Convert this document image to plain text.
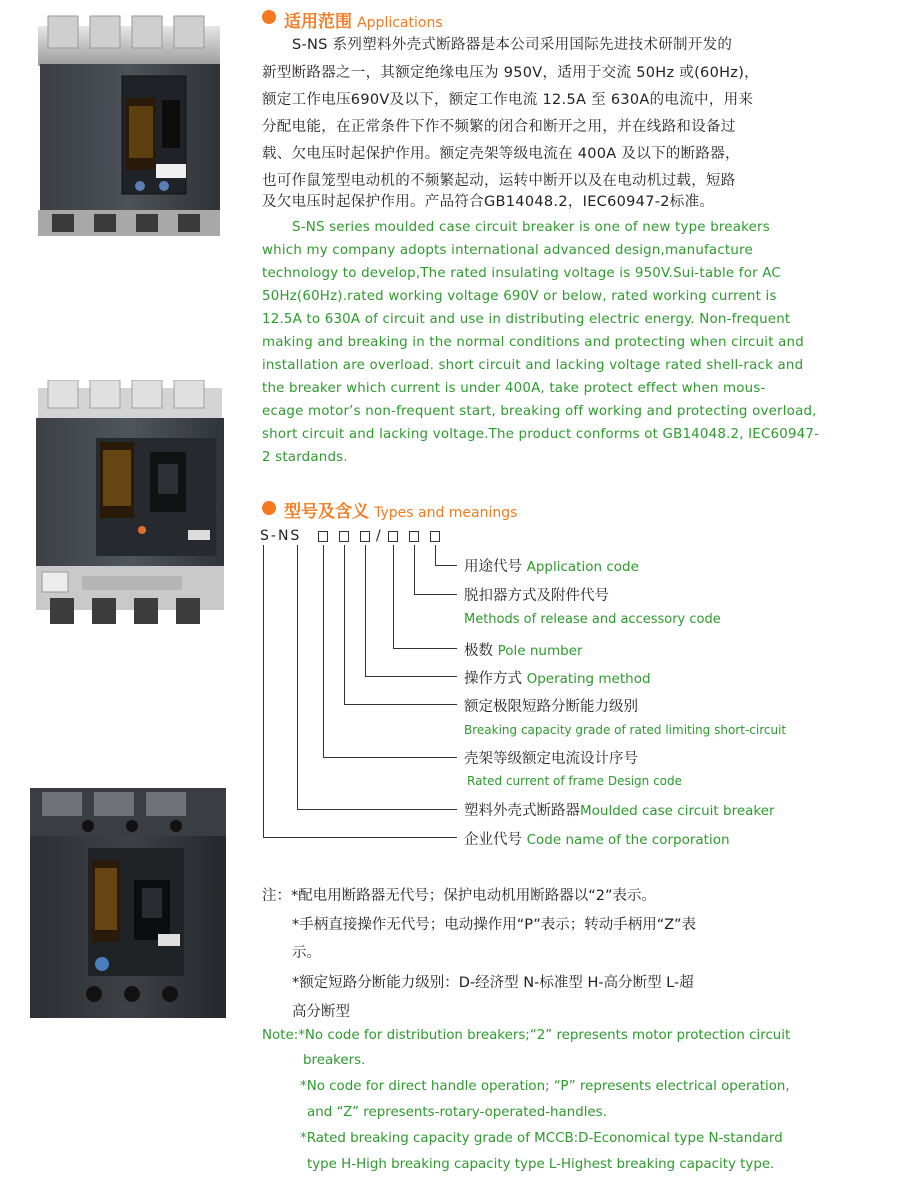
适用范围 Applications
S-NS 系列塑料外壳式断路器是本公司采用国际先进技术研制开发的
新型断路器之一，其额定绝缘电压为 950V，适用于交流 50Hz 或(60Hz)，
额定工作电压690V及以下，额定工作电流 12.5A 至 630A的电流中，用来
分配电能，在正常条件下作不频繁的闭合和断开之用，并在线路和设备过
载、欠电压时起保护作用。额定壳架等级电流在 400A 及以下的断路器，
也可作鼠笼型电动机的不频繁起动，运转中断开以及在电动机过载，短路
及欠电压时起保护作用。产品符合GB14048.2，IEC60947-2标准。
S-NS series moulded case circuit breaker is one of new type breakers
which my company adopts international advanced design,manufacture
technology to develop,The rated insulating voltage is 950V.Sui-table for AC
50Hz(60Hz).rated working voltage 690V or below, rated working current is
12.5A to 630A of circuit and use in distributing electric energy. Non-frequent
making and breaking in the normal conditions and protecting when circuit and
installation are overload. short circuit and lacking voltage rated shell-rack and
the breaker which current is under 400A, take protect effect when mous-
ecage motor’s non-frequent start, breaking off working and protecting overload,
short circuit and lacking voltage.The product conforms ot GB14048.2, IEC60947-
2 stardands.
型号及含义 Types and meanings
S-NS	/
用途代号 Application code
脱扣器方式及附件代号
Methods of release and accessory code
极数 Pole number
操作方式 Operating method
额定极限短路分断能力级别
Breaking capacity grade of rated limiting short-circuit
壳架等级额定电流设计序号
Rated current of frame Design code
塑料外壳式断路器Moulded case circuit breaker
企业代号 Code name of the corporation
注：*配电用断路器无代号；保护电动机用断路器以“2”表示。
*手柄直接操作无代号；电动操作用“P”表示；转动手柄用“Z”表
示。
*额定短路分断能力级别：D-经济型 N-标准型 H-高分断型 L-超
高分断型
Note:*No code for distribution breakers;“2” represents motor protection circuit
breakers.
*No code for direct handle operation; “P” represents electrical operation,
and “Z” represents-rotary-operated-handles.
*Rated breaking capacity grade of MCCB:D-Economical type N-standard
type H-High breaking capacity type L-Highest breaking capacity type.
